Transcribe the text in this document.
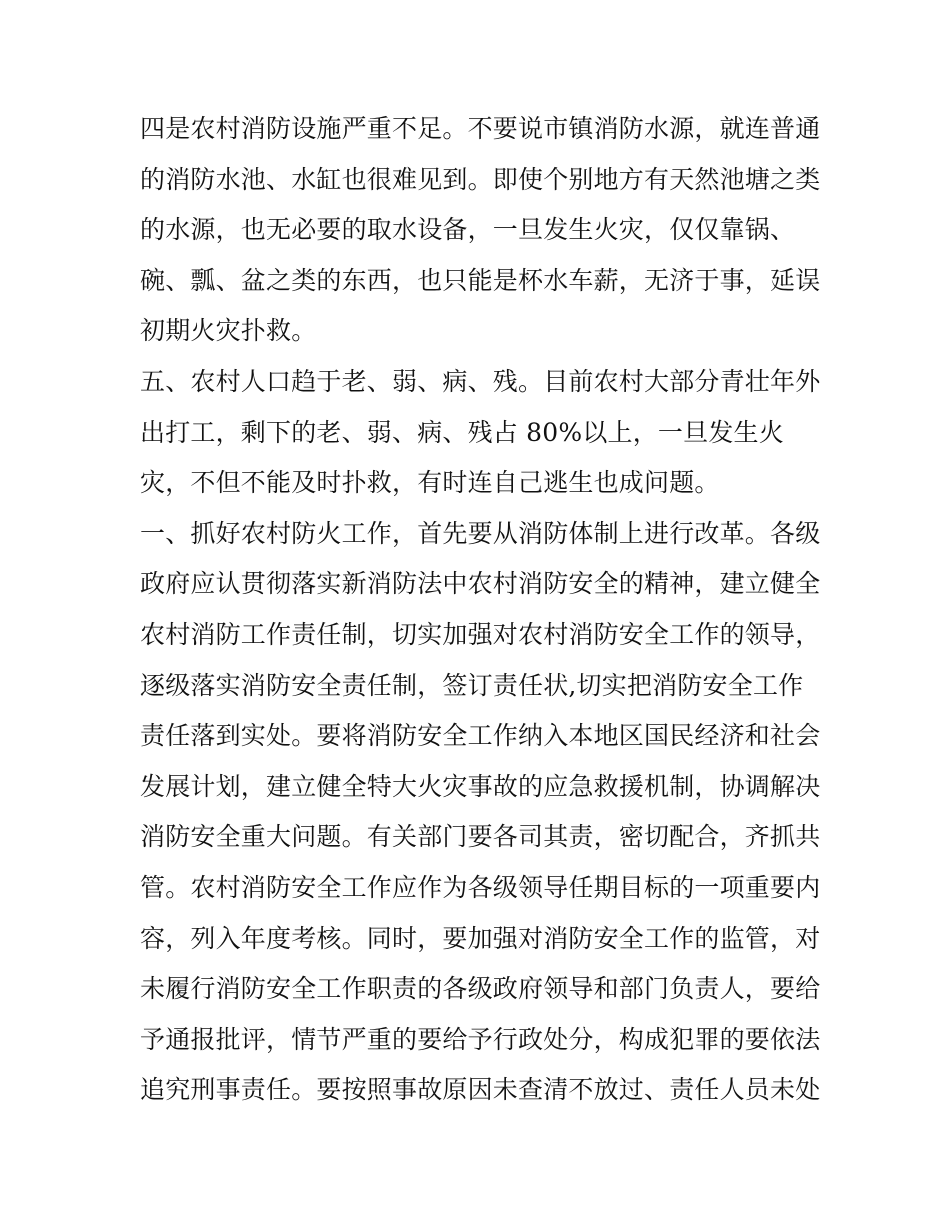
四是农村消防设施严重不足。不要说市镇消防水源，就连普通
的消防水池、水缸也很难见到。即使个别地方有天然池塘之类
的水源，也无必要的取水设备，一旦发生火灾，仅仅靠锅、
碗、瓢、盆之类的东西，也只能是杯水车薪，无济于事，延误
初期火灾扑救。
五、农村人口趋于老、弱、病、残。目前农村大部分青壮年外
出打工，剩下的老、弱、病、残占 80%以上，一旦发生火
灾，不但不能及时扑救，有时连自己逃生也成问题。
一、抓好农村防火工作，首先要从消防体制上进行改革。各级
政府应认贯彻落实新消防法中农村消防安全的精神，建立健全
农村消防工作责任制，切实加强对农村消防安全工作的领导，
逐级落实消防安全责任制，签订责任状,切实把消防安全工作
责任落到实处。要将消防安全工作纳入本地区国民经济和社会
发展计划，建立健全特大火灾事故的应急救援机制，协调解决
消防安全重大问题。有关部门要各司其责，密切配合，齐抓共
管。农村消防安全工作应作为各级领导任期目标的一项重要内
容，列入年度考核。同时，要加强对消防安全工作的监管，对
未履行消防安全工作职责的各级政府领导和部门负责人，要给
予通报批评，情节严重的要给予行政处分，构成犯罪的要依法
追究刑事责任。要按照事故原因未查清不放过、责任人员未处
